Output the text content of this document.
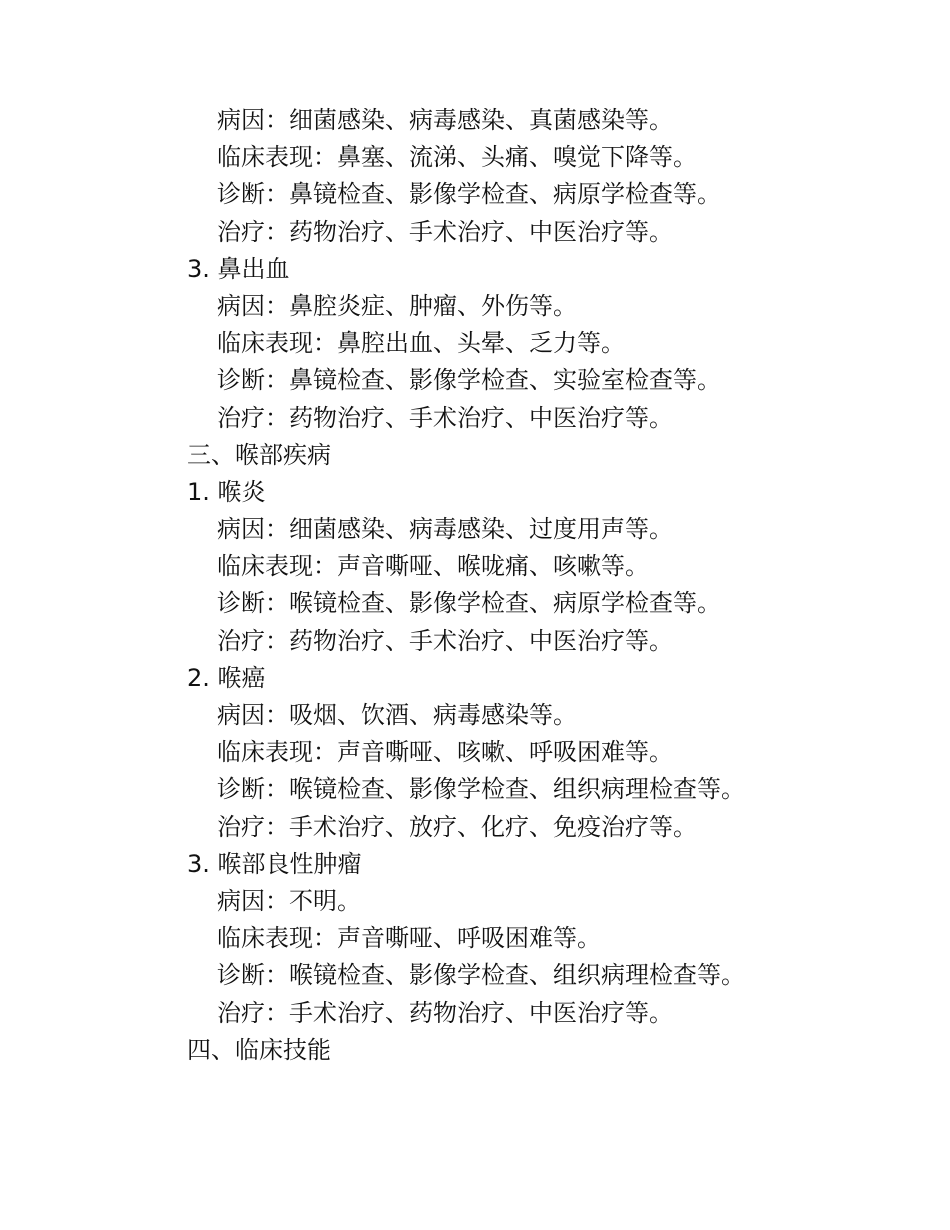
病因：细菌感染、病毒感染、真菌感染等。
临床表现：鼻塞、流涕、头痛、嗅觉下降等。
诊断：鼻镜检查、影像学检查、病原学检查等。
治疗：药物治疗、手术治疗、中医治疗等。
3. 鼻出血
病因：鼻腔炎症、肿瘤、外伤等。
临床表现：鼻腔出血、头晕、乏力等。
诊断：鼻镜检查、影像学检查、实验室检查等。
治疗：药物治疗、手术治疗、中医治疗等。
三、喉部疾病
1. 喉炎
病因：细菌感染、病毒感染、过度用声等。
临床表现：声音嘶哑、喉咙痛、咳嗽等。
诊断：喉镜检查、影像学检查、病原学检查等。
治疗：药物治疗、手术治疗、中医治疗等。
2. 喉癌
病因：吸烟、饮酒、病毒感染等。
临床表现：声音嘶哑、咳嗽、呼吸困难等。
诊断：喉镜检查、影像学检查、组织病理检查等。
治疗：手术治疗、放疗、化疗、免疫治疗等。
3. 喉部良性肿瘤
病因：不明。
临床表现：声音嘶哑、呼吸困难等。
诊断：喉镜检查、影像学检查、组织病理检查等。
治疗：手术治疗、药物治疗、中医治疗等。
四、临床技能
